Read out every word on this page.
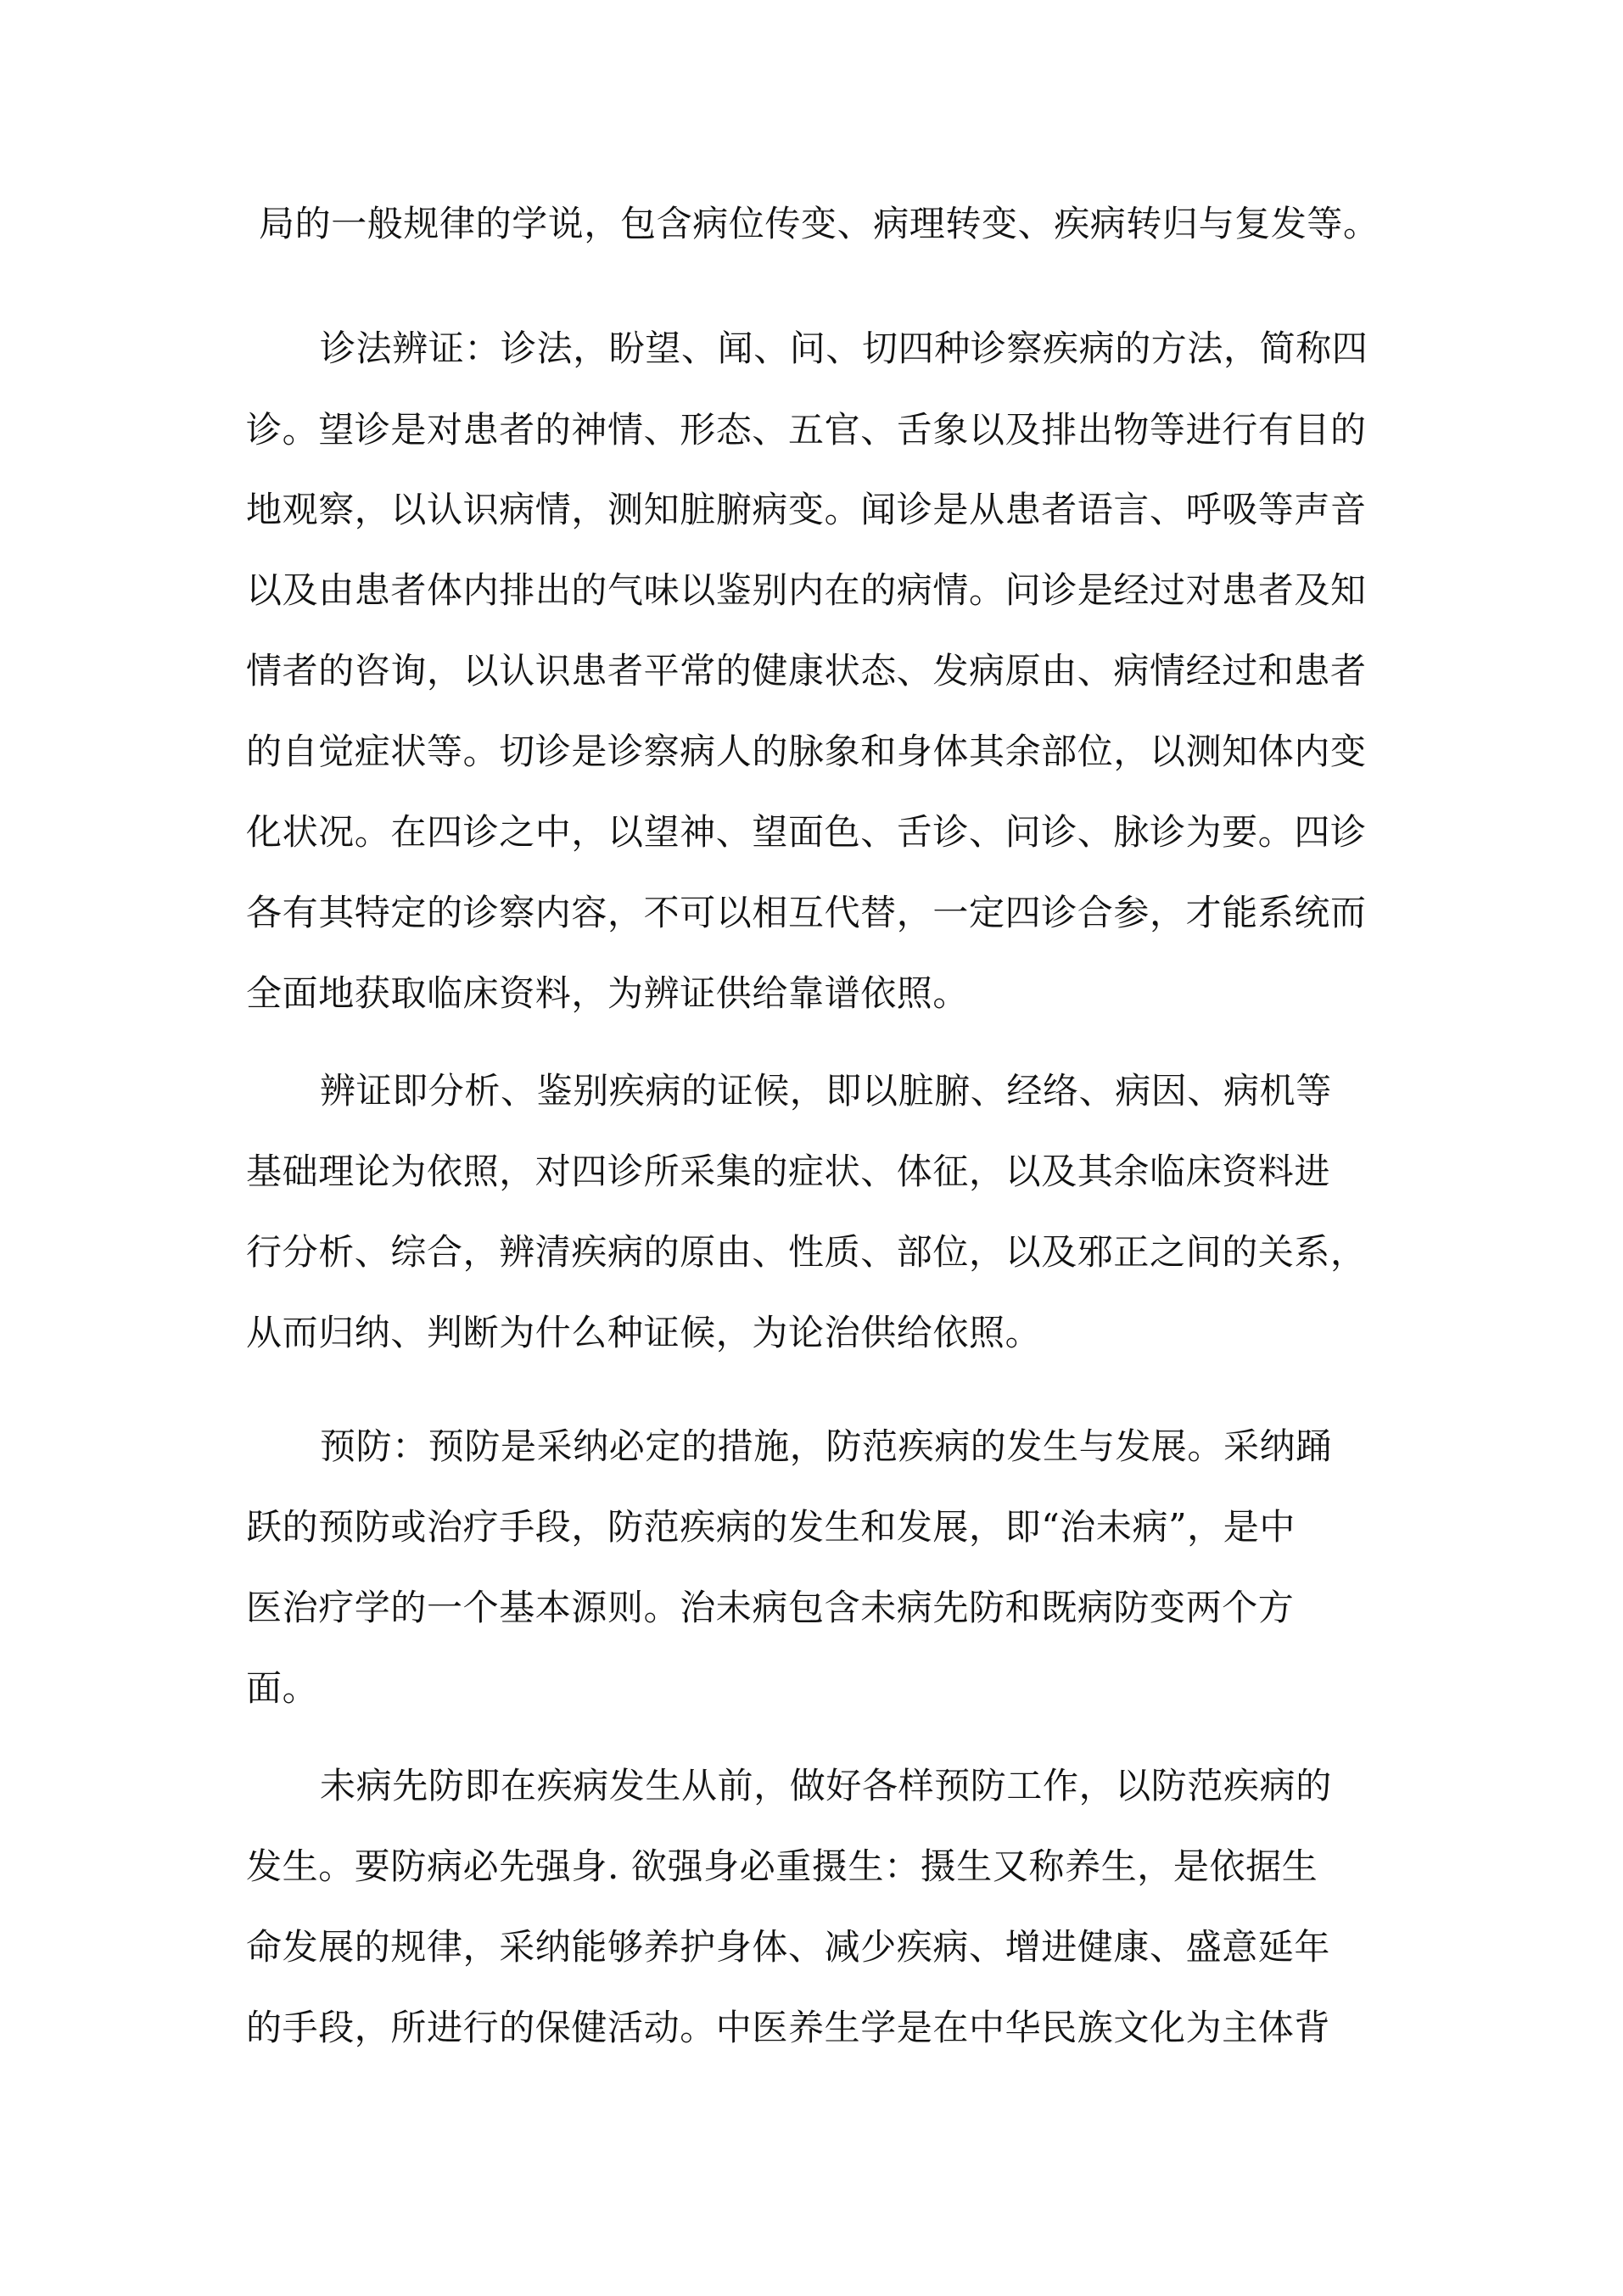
局的一般规律的学说，包含病位传变、病理转变、疾病转归与复发等。
诊法辨证：诊法，盼望、闻、问、切四种诊察疾病的方法，简称四
诊。望诊是对患者的神情、形态、五官、舌象以及排出物等进行有目的
地观察，以认识病情，测知脏腑病变。闻诊是从患者语言、呼吸等声音
以及由患者体内排出的气味以鉴别内在的病情。问诊是经过对患者及知
情者的咨询，以认识患者平常的健康状态、发病原由、病情经过和患者
的自觉症状等。切诊是诊察病人的脉象和身体其余部位，以测知体内变
化状况。在四诊之中，以望神、望面色、舌诊、问诊、脉诊为要。四诊
各有其特定的诊察内容，不可以相互代替，一定四诊合参，才能系统而
全面地获取临床资料，为辨证供给靠谱依照。
辨证即分析、鉴别疾病的证候，即以脏腑、经络、病因、病机等
基础理论为依照，对四诊所采集的症状、体征，以及其余临床资料进
行分析、综合，辨清疾病的原由、性质、部位，以及邪正之间的关系，
从而归纳、判断为什么种证候，为论治供给依照。
预防：预防是采纳必定的措施，防范疾病的发生与发展。采纳踊
跃的预防或治疗手段，防范疾病的发生和发展，即“治未病”，是中
医治疗学的一个基本源则。治未病包含未病先防和既病防变两个方
面。
未病先防即在疾病发生从前，做好各样预防工作，以防范疾病的
发生。要防病必先强身. 欲强身必重摄生：摄生又称养生，是依据生
命发展的规律，采纳能够养护身体、减少疾病、增进健康、盛意延年
的手段，所进行的保健活动。中医养生学是在中华民族文化为主体背
